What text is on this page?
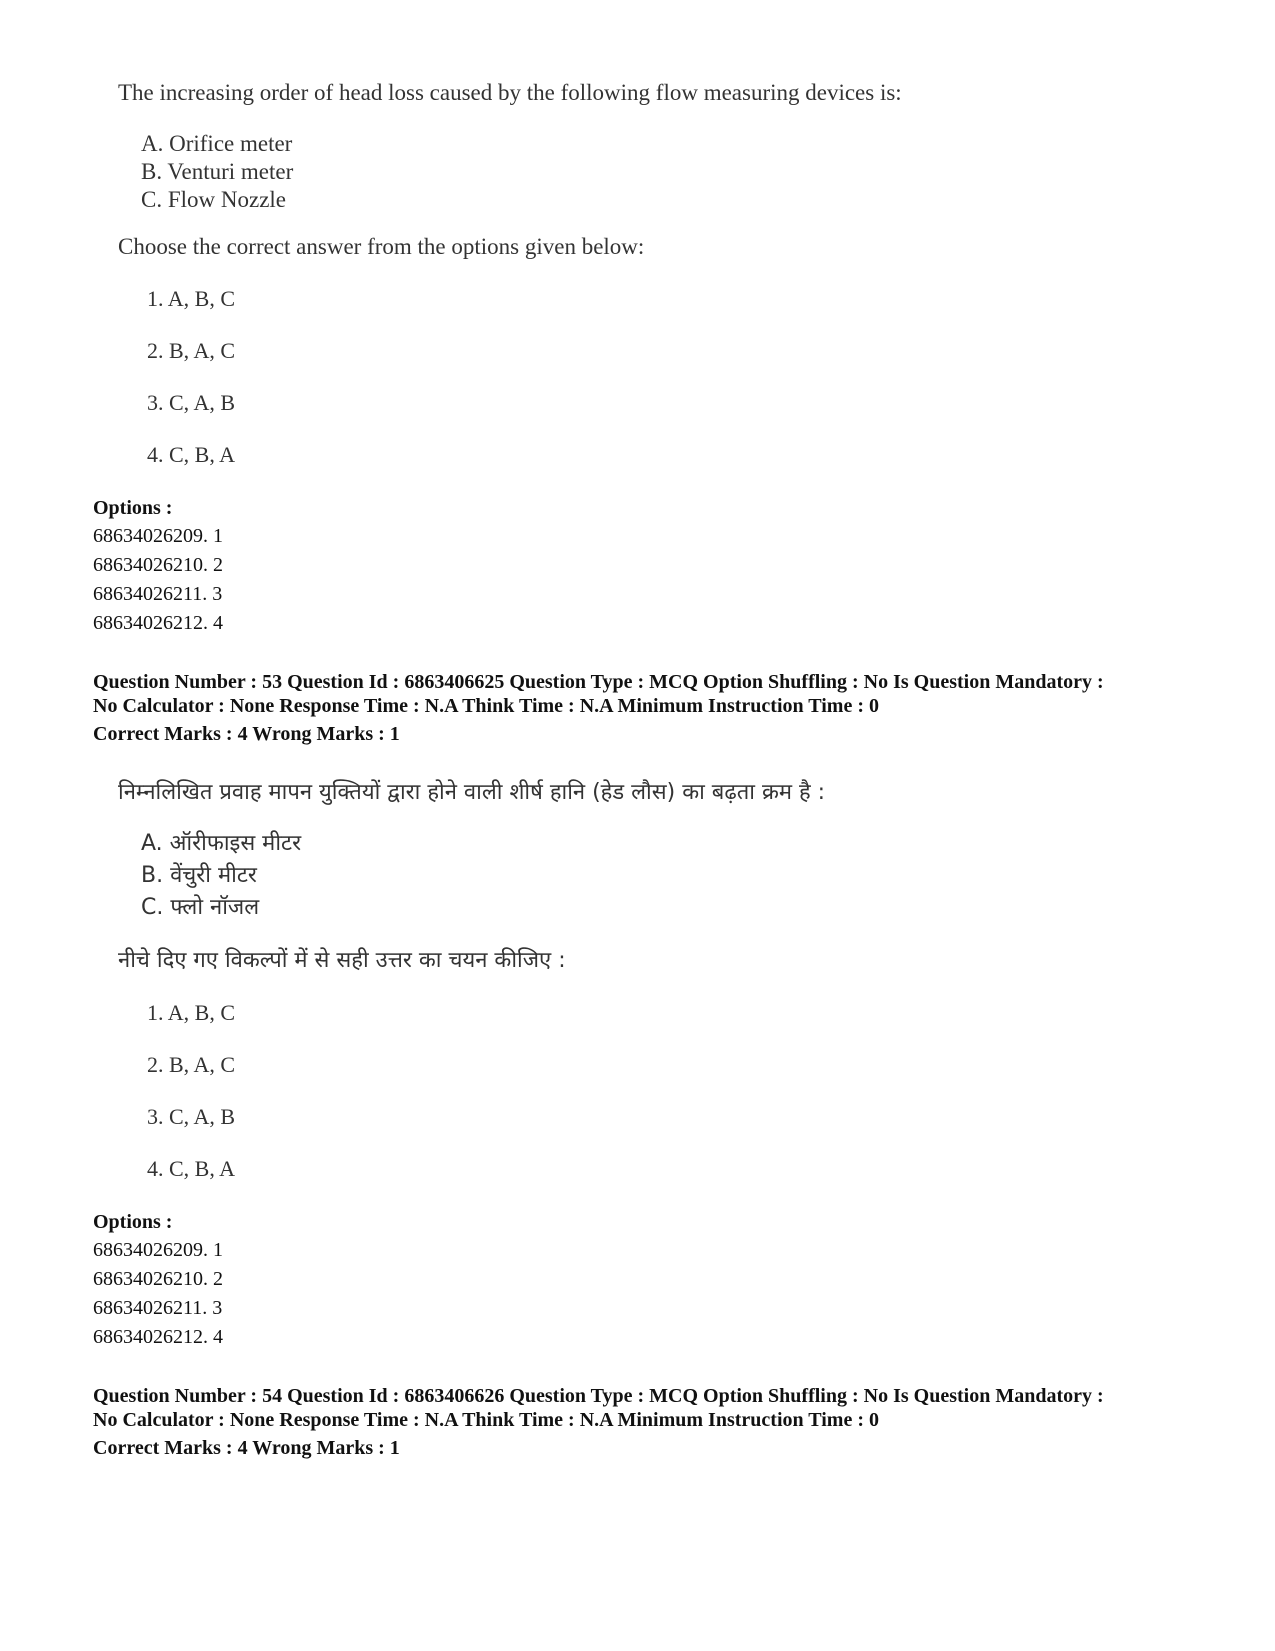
The increasing order of head loss caused by the following flow measuring devices is:
A. Orifice meter
B. Venturi meter
C. Flow Nozzle
Choose the correct answer from the options given below:
1. A, B, C
2. B, A, C
3. C, A, B
4. C, B, A
Options :
68634026209. 1
68634026210. 2
68634026211. 3
68634026212. 4
Question Number : 53 Question Id : 6863406625 Question Type : MCQ Option Shuffling : No Is Question Mandatory :
No Calculator : None Response Time : N.A Think Time : N.A Minimum Instruction Time : 0
Correct Marks : 4 Wrong Marks : 1
निम्नलिखित प्रवाह मापन युक्तियों द्वारा होने वाली शीर्ष हानि (हेड लौस) का बढ़ता क्रम है :
A. ऑरीफाइस मीटर
B. वेंचुरी मीटर
C. फ्लो नॉजल
नीचे दिए गए विकल्पों में से सही उत्तर का चयन कीजिए :
1. A, B, C
2. B, A, C
3. C, A, B
4. C, B, A
Options :
68634026209. 1
68634026210. 2
68634026211. 3
68634026212. 4
Question Number : 54 Question Id : 6863406626 Question Type : MCQ Option Shuffling : No Is Question Mandatory :
No Calculator : None Response Time : N.A Think Time : N.A Minimum Instruction Time : 0
Correct Marks : 4 Wrong Marks : 1
